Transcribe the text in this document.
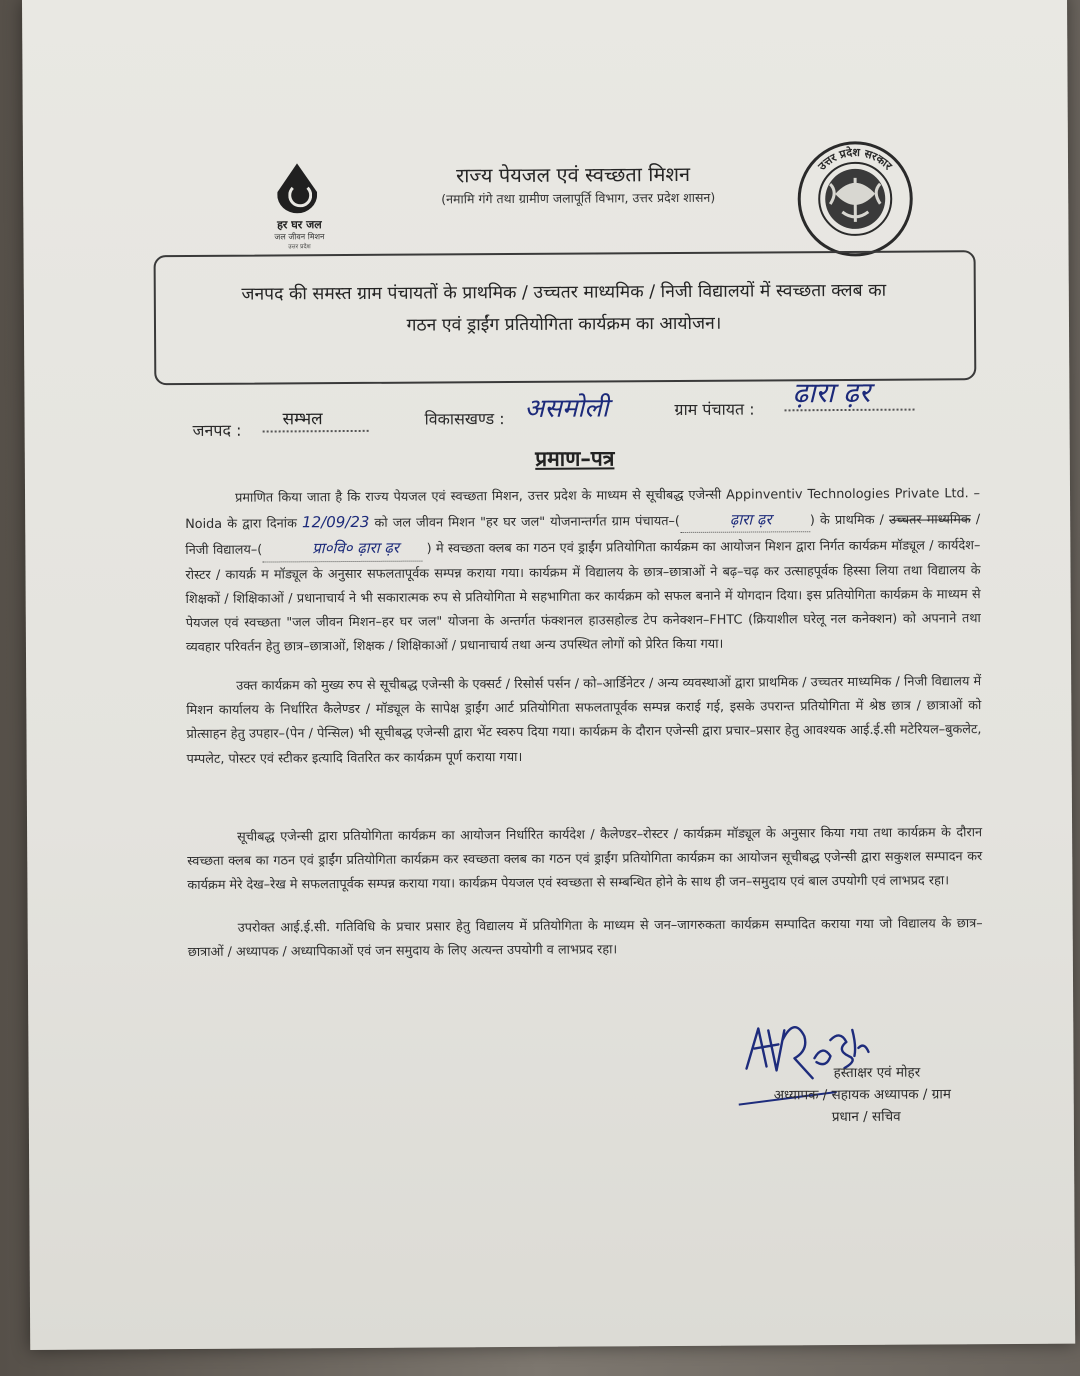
हर घर जल
जल जीवन मिशन
उत्तर प्रदेश
राज्य पेयजल एवं स्वच्छता मिशन
(नमामि गंगे तथा ग्रामीण जलापूर्ति विभाग, उत्तर प्रदेश शासन)
उत्तर प्रदेश सरकार
जनपद की समस्त ग्राम पंचायतों के प्राथमिक / उच्चतर माध्यमिक / निजी विद्यालयों में स्वच्छता क्लब का
गठन एवं ड्राईंग प्रतियोगिता कार्यक्रम का आयोजन।
जनपद :
सम्भल	विकासखण्ड : असमोली	ग्राम पंचायत : ढ़ारा ढ़र
प्रमाण–पत्र

प्रमाणित किया जाता है कि राज्य पेयजल एवं स्वच्छता मिशन, उत्तर प्रदेश के माध्यम से सूचीबद्ध एजेन्सी Appinventiv Technologies Private Ltd. – Noida के द्वारा दिनांक 12/09/23 को जल जीवन मिशन "हर घर जल" योजनान्तर्गत ग्राम पंचायत–(	ढ़ारा ढ़र	) के प्राथमिक / उच्चतर माध्यमिक / निजी विद्यालय–(	प्रा०वि० ढ़ारा ढ़र ) मे स्वच्छता क्लब का गठन एवं ड्राईंग प्रतियोगिता कार्यक्रम का आयोजन मिशन द्वारा निर्गत कार्यक्रम मॉड्यूल / कार्यदेश–रोस्टर / कायर्क्र म मॉड्यूल के अनुसार सफलतापूर्वक सम्पन्न कराया गया। कार्यक्रम में विद्यालय के छात्र–छात्राओं ने बढ़–चढ़ कर उत्साहपूर्वक हिस्सा लिया तथा विद्यालय के शिक्षकों / शिक्षिकाओं / प्रधानाचार्य ने भी सकारात्मक रुप से प्रतियोगिता मे सहभागिता कर कार्यक्रम को सफल बनाने में योगदान दिया। इस प्रतियोगिता कार्यक्रम के माध्यम से पेयजल एवं स्वच्छता "जल जीवन मिशन–हर घर जल" योजना के अन्तर्गत फंक्शनल हाउसहोल्ड टेप कनेक्शन–FHTC (क्रियाशील घरेलू नल कनेक्शन) को अपनाने तथा व्यवहार परिवर्तन हेतु छात्र–छात्राओं, शिक्षक / शिक्षिकाओं / प्रधानाचार्य तथा अन्य उपस्थित लोगों को प्रेरित किया गया।

उक्त कार्यक्रम को मुख्य रुप से सूचीबद्ध एजेन्सी के एक्सर्ट / रिसोर्स पर्सन / को–आर्डिनेटर / अन्य व्यवस्थाओं द्वारा प्राथमिक / उच्चतर माध्यमिक / निजी विद्यालय में मिशन कार्यालय के निर्धारित कैलेण्डर / मॉड्यूल के सापेक्ष ड्राईंग आर्ट प्रतियोगिता सफलतापूर्वक सम्पन्न कराई गई, इसके उपरान्त प्रतियोगिता में श्रेष्ठ छात्र / छात्राओं को प्रोत्साहन हेतु उपहार–(पेन / पेन्सिल) भी सूचीबद्ध एजेन्सी द्वारा भेंट स्वरुप दिया गया। कार्यक्रम के दौरान एजेन्सी द्वारा प्रचार–प्रसार हेतु आवश्यक आई.ई.सी मटेरियल–बुकलेट, पम्पलेट, पोस्टर एवं स्टीकर इत्यादि वितरित कर कार्यक्रम पूर्ण कराया गया।

सूचीबद्ध एजेन्सी द्वारा प्रतियोगिता कार्यक्रम का आयोजन निर्धारित कार्यदेश / कैलेण्डर–रोस्टर / कार्यक्रम मॉड्यूल के अनुसार किया गया तथा कार्यक्रम के दौरान स्वच्छता क्लब का गठन एवं ड्राईंग प्रतियोगिता कार्यक्रम कर स्वच्छता क्लब का गठन एवं ड्राईंग प्रतियोगिता कार्यक्रम का आयोजन सूचीबद्ध एजेन्सी द्वारा सकुशल सम्पादन कर कार्यक्रम मेरे देख–रेख मे सफलतापूर्वक सम्पन्न कराया गया। कार्यक्रम पेयजल एवं स्वच्छता से सम्बन्धित होने के साथ ही जन–समुदाय एवं बाल उपयोगी एवं लाभप्रद रहा।

उपरोक्त आई.ई.सी. गतिविधि के प्रचार प्रसार हेतु विद्यालय में प्रतियोगिता के माध्यम से जन–जागरुकता कार्यक्रम सम्पादित कराया गया जो विद्यालय के छात्र–छात्राओं / अध्यापक / अध्यापिकाओं एवं जन समुदाय के लिए अत्यन्त उपयोगी व लाभप्रद रहा।

हस्ताक्षर एवं मोहर
अध्यापक / सहायक अध्यापक / ग्राम
प्रधान / सचिव
